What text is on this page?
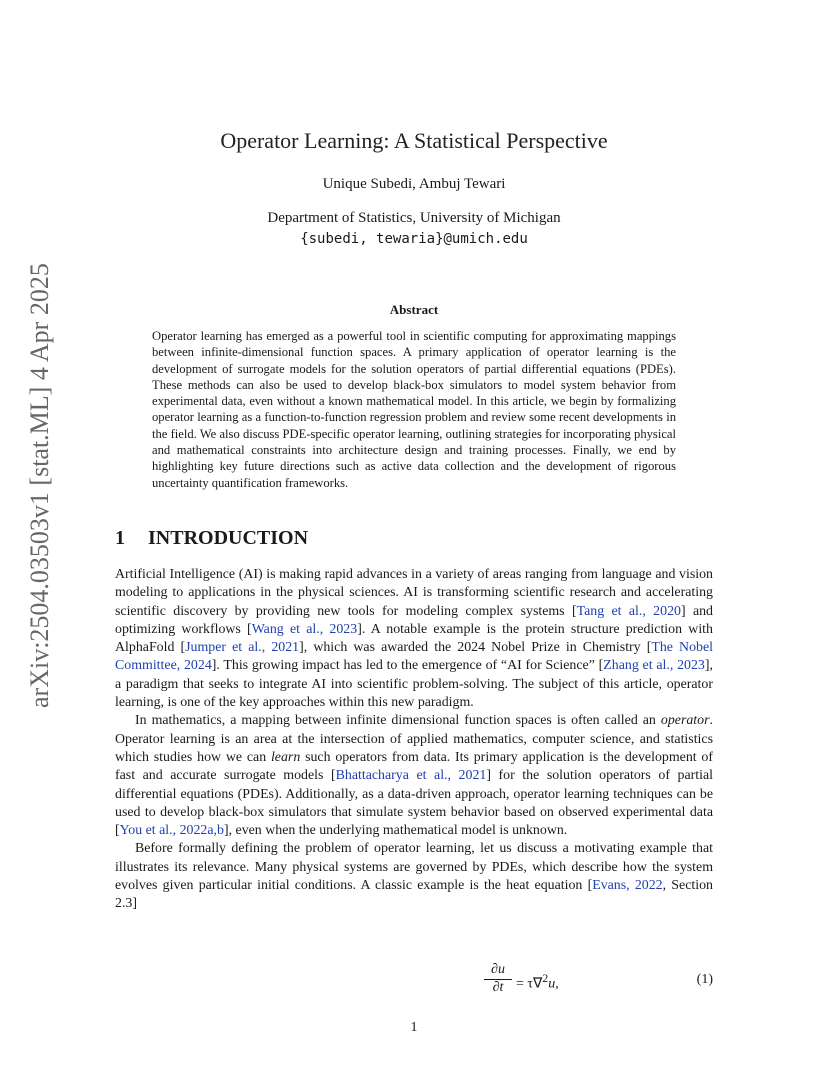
arXiv:2504.03503v1 [stat.ML] 4 Apr 2025
Operator Learning: A Statistical Perspective
Unique Subedi, Ambuj Tewari
Department of Statistics, University of Michigan
{subedi, tewaria}@umich.edu
Abstract
Operator learning has emerged as a powerful tool in scientific computing for approximating mappings between infinite-dimensional function spaces. A primary application of operator learning is the development of surrogate models for the solution operators of partial differential equations (PDEs). These methods can also be used to develop black-box simulators to model system behavior from experimental data, even without a known mathematical model. In this article, we begin by formalizing operator learning as a function-to-function regression problem and review some recent developments in the field. We also discuss PDE-specific operator learning, outlining strategies for incorporating physical and mathematical constraints into architecture design and training processes. Finally, we end by highlighting key future directions such as active data collection and the development of rigorous uncertainty quantification frameworks.
1 INTRODUCTION

Artificial Intelligence (AI) is making rapid advances in a variety of areas ranging from language and vision modeling to applications in the physical sciences. AI is transforming scientific research and accelerating scientific discovery by providing new tools for modeling complex systems [Tang et al., 2020] and optimizing workflows [Wang et al., 2023]. A notable example is the protein structure prediction with AlphaFold [Jumper et al., 2021], which was awarded the 2024 Nobel Prize in Chemistry [The Nobel Committee, 2024]. This growing impact has led to the emergence of “AI for Science” [Zhang et al., 2023], a paradigm that seeks to integrate AI into scientific problem-solving. The subject of this article, operator learning, is one of the key approaches within this new paradigm.

In mathematics, a mapping between infinite dimensional function spaces is often called an operator. Operator learning is an area at the intersection of applied mathematics, computer science, and statistics which studies how we can learn such operators from data. Its primary application is the development of fast and accurate surrogate models [Bhattacharya et al., 2021] for the solution operators of partial differential equations (PDEs). Additionally, as a data-driven approach, operator learning techniques can be used to develop black-box simulators that simulate system behavior based on observed experimental data [You et al., 2022a,b], even when the underlying mathematical model is unknown.

Before formally defining the problem of operator learning, let us discuss a motivating example that illustrates its relevance. Many physical systems are governed by PDEs, which describe how the system evolves given particular initial conditions. A classic example is the heat equation [Evans, 2022, Section 2.3]

$\frac{\partial u}{\partial t} = \tau\nabla^2u$,	(1)
1
